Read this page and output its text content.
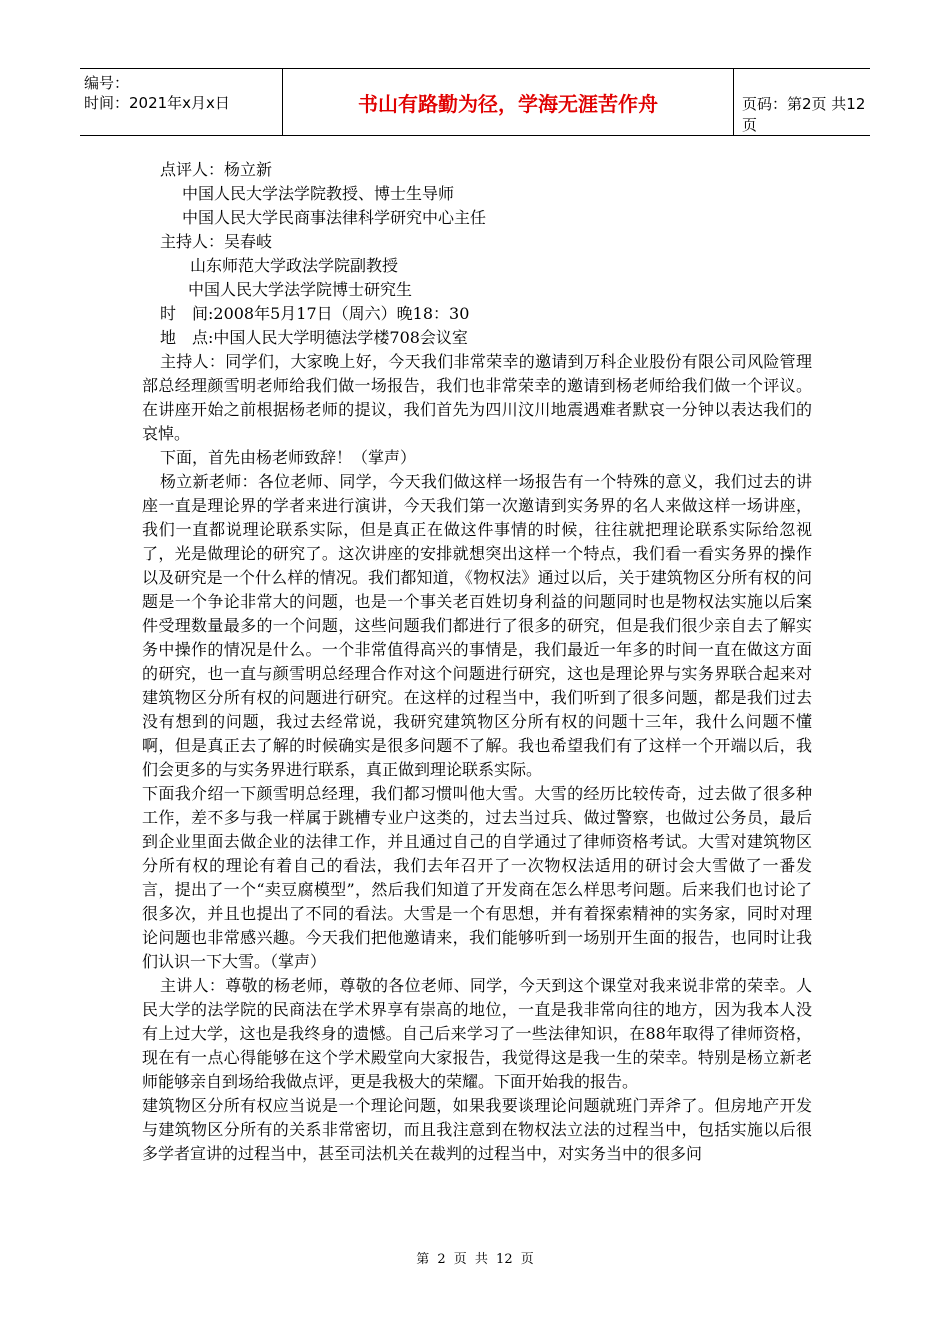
编号：
时间：2021年x月x日	书山有路勤为径，学海无涯苦作舟	页码：第2页 共12页
点评人：杨立新
中国人民大学法学院教授、博士生导师
中国人民大学民商事法律科学研究中心主任
主持人：吴春岐
山东师范大学政法学院副教授
中国人民大学法学院博士研究生
时　间:2008年5月17日（周六）晚18：30
地　点:中国人民大学明德法学楼708会议室
主持人：同学们，大家晚上好，今天我们非常荣幸的邀请到万科企业股份有限公司风险管理部总经理颜雪明老师给我们做一场报告，我们也非常荣幸的邀请到杨老师给我们做一个评议。在讲座开始之前根据杨老师的提议，我们首先为四川汶川地震遇难者默哀一分钟以表达我们的哀悼。
下面，首先由杨老师致辞！（掌声）
杨立新老师：各位老师、同学，今天我们做这样一场报告有一个特殊的意义，我们过去的讲座一直是理论界的学者来进行演讲，今天我们第一次邀请到实务界的名人来做这样一场讲座，我们一直都说理论联系实际，但是真正在做这件事情的时候，往往就把理论联系实际给忽视了，光是做理论的研究了。这次讲座的安排就想突出这样一个特点，我们看一看实务界的操作以及研究是一个什么样的情况。我们都知道，《物权法》通过以后，关于建筑物区分所有权的问题是一个争论非常大的问题，也是一个事关老百姓切身利益的问题同时也是物权法实施以后案件受理数量最多的一个问题，这些问题我们都进行了很多的研究，但是我们很少亲自去了解实务中操作的情况是什么。一个非常值得高兴的事情是，我们最近一年多的时间一直在做这方面的研究，也一直与颜雪明总经理合作对这个问题进行研究，这也是理论界与实务界联合起来对建筑物区分所有权的问题进行研究。在这样的过程当中，我们听到了很多问题，都是我们过去没有想到的问题，我过去经常说，我研究建筑物区分所有权的问题十三年，我什么问题不懂啊，但是真正去了解的时候确实是很多问题不了解。我也希望我们有了这样一个开端以后，我们会更多的与实务界进行联系，真正做到理论联系实际。
下面我介绍一下颜雪明总经理，我们都习惯叫他大雪。大雪的经历比较传奇，过去做了很多种工作，差不多与我一样属于跳槽专业户这类的，过去当过兵、做过警察，也做过公务员，最后到企业里面去做企业的法律工作，并且通过自己的自学通过了律师资格考试。大雪对建筑物区分所有权的理论有着自己的看法，我们去年召开了一次物权法适用的研讨会大雪做了一番发言，提出了一个“卖豆腐模型”，然后我们知道了开发商在怎么样思考问题。后来我们也讨论了很多次，并且也提出了不同的看法。大雪是一个有思想，并有着探索精神的实务家，同时对理论问题也非常感兴趣。今天我们把他邀请来，我们能够听到一场别开生面的报告，也同时让我们认识一下大雪。（掌声）
主讲人：尊敬的杨老师，尊敬的各位老师、同学，今天到这个课堂对我来说非常的荣幸。人民大学的法学院的民商法在学术界享有崇高的地位，一直是我非常向往的地方，因为我本人没有上过大学，这也是我终身的遗憾。自己后来学习了一些法律知识，在88年取得了律师资格，现在有一点心得能够在这个学术殿堂向大家报告，我觉得这是我一生的荣幸。特别是杨立新老师能够亲自到场给我做点评，更是我极大的荣耀。下面开始我的报告。
建筑物区分所有权应当说是一个理论问题，如果我要谈理论问题就班门弄斧了。但房地产开发与建筑物区分所有的关系非常密切，而且我注意到在物权法立法的过程当中，包括实施以后很多学者宣讲的过程当中，甚至司法机关在裁判的过程当中，对实务当中的很多问
第 2 页 共 12 页
